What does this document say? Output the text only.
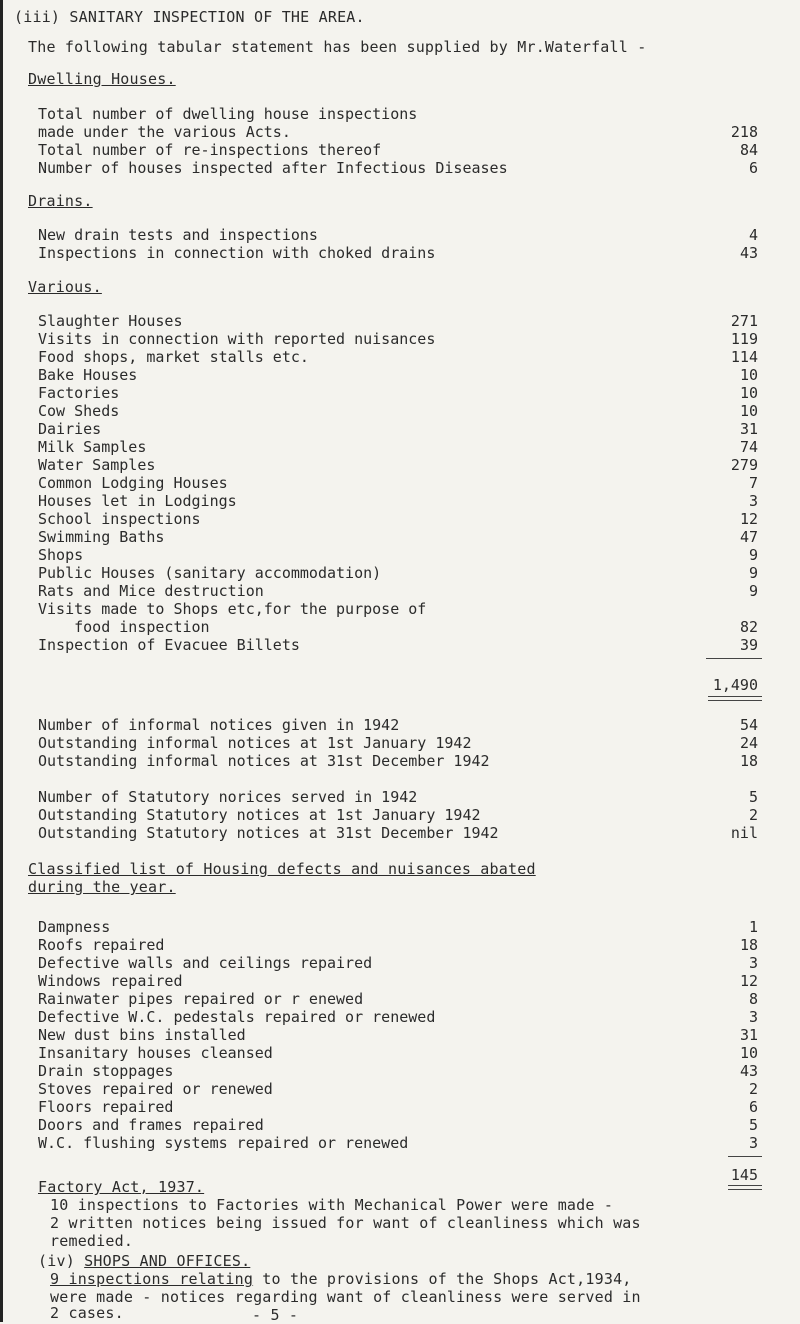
(iii) SANITARY INSPECTION OF THE AREA.
The following tabular statement has been supplied by Mr.Waterfall -
Dwelling Houses.
Total number of dwelling house inspections
made under the various Acts.	218
Total number of re-inspections thereof	84
Number of houses inspected after Infectious Diseases	6
Drains.
New drain tests and inspections	4
Inspections in connection with choked drains	43
Various.
Slaughter Houses	271
Visits in connection with reported nuisances	119
Food shops, market stalls etc.	114
Bake Houses	10
Factories	10
Cow Sheds	10
Dairies	31
Milk Samples	74
Water Samples	279
Common Lodging Houses	7
Houses let in Lodgings	3
School inspections	12
Swimming Baths	47
Shops	9
Public Houses (sanitary accommodation)	9
Rats and Mice destruction	9
Visits made to Shops etc,for the purpose of
food inspection	82
Inspection of Evacuee Billets	39
1,490
Number of informal notices given in 1942	54
Outstanding informal notices at 1st January 1942	24
Outstanding informal notices at 31st December 1942	18
Number of Statutory norices served in 1942	5
Outstanding Statutory notices at 1st January 1942	2
Outstanding Statutory notices at 31st December 1942	nil
Classified list of Housing defects and nuisances abated
during the year.
Dampness	1
Roofs repaired	18
Defective walls and ceilings repaired	3
Windows repaired	12
Rainwater pipes repaired or r enewed	8
Defective W.C. pedestals repaired or renewed	3
New dust bins installed	31
Insanitary houses cleansed	10
Drain stoppages	43
Stoves repaired or renewed	2
Floors repaired	6
Doors and frames repaired	5
W.C. flushing systems repaired or renewed	3
145
Factory Act, 1937.
10 inspections to Factories with Mechanical Power were made -
2 written notices being issued for want of cleanliness which was
remedied.
(iv) SHOPS AND OFFICES.
9 inspections relating to the provisions of the Shops Act,1934,
were made - notices regarding want of cleanliness were served in
2 cases.	- 5 -
